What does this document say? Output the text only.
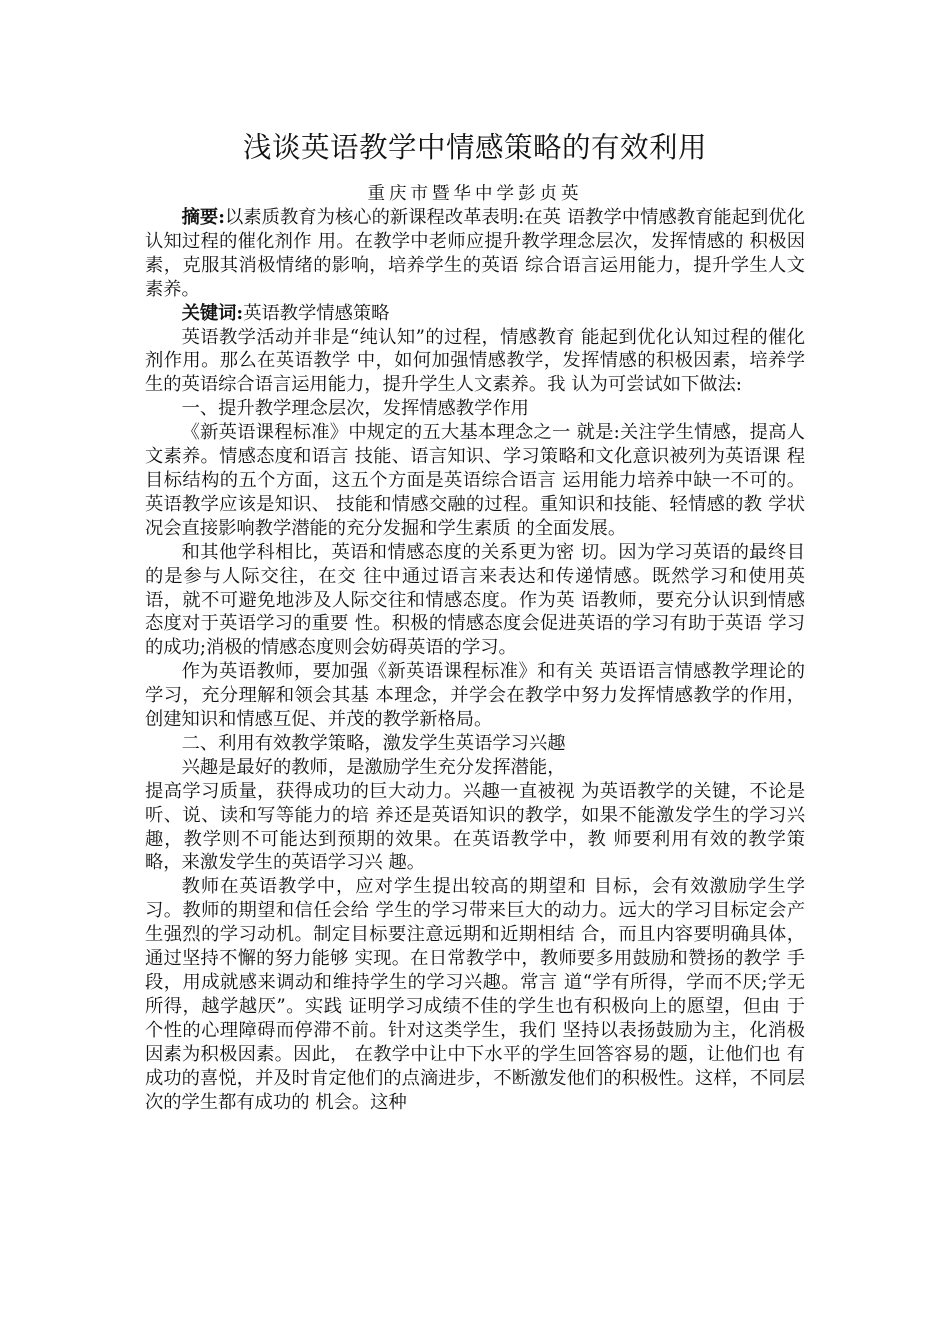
浅谈英语教学中情感策略的有效利用
重庆市暨华中学彭贞英

摘要:以素质教育为核心的新课程改革表明:在英 语教学中情感教育能起到优化认知过程的催化剂作 用。在教学中老师应提升教学理念层次，发挥情感的 积极因素，克服其消极情绪的影响，培养学生的英语 综合语言运用能力，提升学生人文素养。

关键词:英语教学情感策略

英语教学活动并非是“纯认知”的过程，情感教育 能起到优化认知过程的催化剂作用。那么在英语教学 中，如何加强情感教学，发挥情感的积极因素，培养学 生的英语综合语言运用能力，提升学生人文素养。我 认为可尝试如下做法:

一、提升教学理念层次，发挥情感教学作用

《新英语课程标准》中规定的五大基本理念之一 就是:关注学生情感，提高人文素养。情感态度和语言 技能、语言知识、学习策略和文化意识被列为英语课 程目标结构的五个方面，这五个方面是英语综合语言 运用能力培养中缺一不可的。英语教学应该是知识、 技能和情感交融的过程。重知识和技能、轻情感的教 学状况会直接影响教学潜能的充分发掘和学生素质 的全面发展。

和其他学科相比，英语和情感态度的关系更为密 切。因为学习英语的最终目的是参与人际交往，在交 往中通过语言来表达和传递情感。既然学习和使用英 语，就不可避免地涉及人际交往和情感态度。作为英 语教师，要充分认识到情感态度对于英语学习的重要 性。积极的情感态度会促进英语的学习有助于英语 学习的成功;消极的情感态度则会妨碍英语的学习。

作为英语教师，要加强《新英语课程标准》和有关 英语语言情感教学理论的学习，充分理解和领会其基 本理念，并学会在教学中努力发挥情感教学的作用， 创建知识和情感互促、并茂的教学新格局。

二、利用有效教学策略，激发学生英语学习兴趣

兴趣是最好的教师，是激励学生充分发挥潜能，

提高学习质量，获得成功的巨大动力。兴趣一直被视 为英语教学的关键，不论是听、说、读和写等能力的培 养还是英语知识的教学，如果不能激发学生的学习兴 趣，教学则不可能达到预期的效果。在英语教学中，教 师要利用有效的教学策略，来激发学生的英语学习兴 趣。

教师在英语教学中，应对学生提出较高的期望和 目标，会有效激励学生学习。教师的期望和信任会给 学生的学习带来巨大的动力。远大的学习目标定会产 生强烈的学习动机。制定目标要注意远期和近期相结 合，而且内容要明确具体，通过坚持不懈的努力能够 实现。在日常教学中，教师要多用鼓励和赞扬的教学 手段，用成就感来调动和维持学生的学习兴趣。常言 道“学有所得，学而不厌;学无所得，越学越厌”。实践 证明学习成绩不佳的学生也有积极向上的愿望，但由 于个性的心理障碍而停滞不前。针对这类学生，我们 坚持以表扬鼓励为主，化消极因素为积极因素。因此， 在教学中让中下水平的学生回答容易的题，让他们也 有成功的喜悦，并及时肯定他们的点滴进步，不断激发他们的积极性。这样，不同层次的学生都有成功的 机会。这种
